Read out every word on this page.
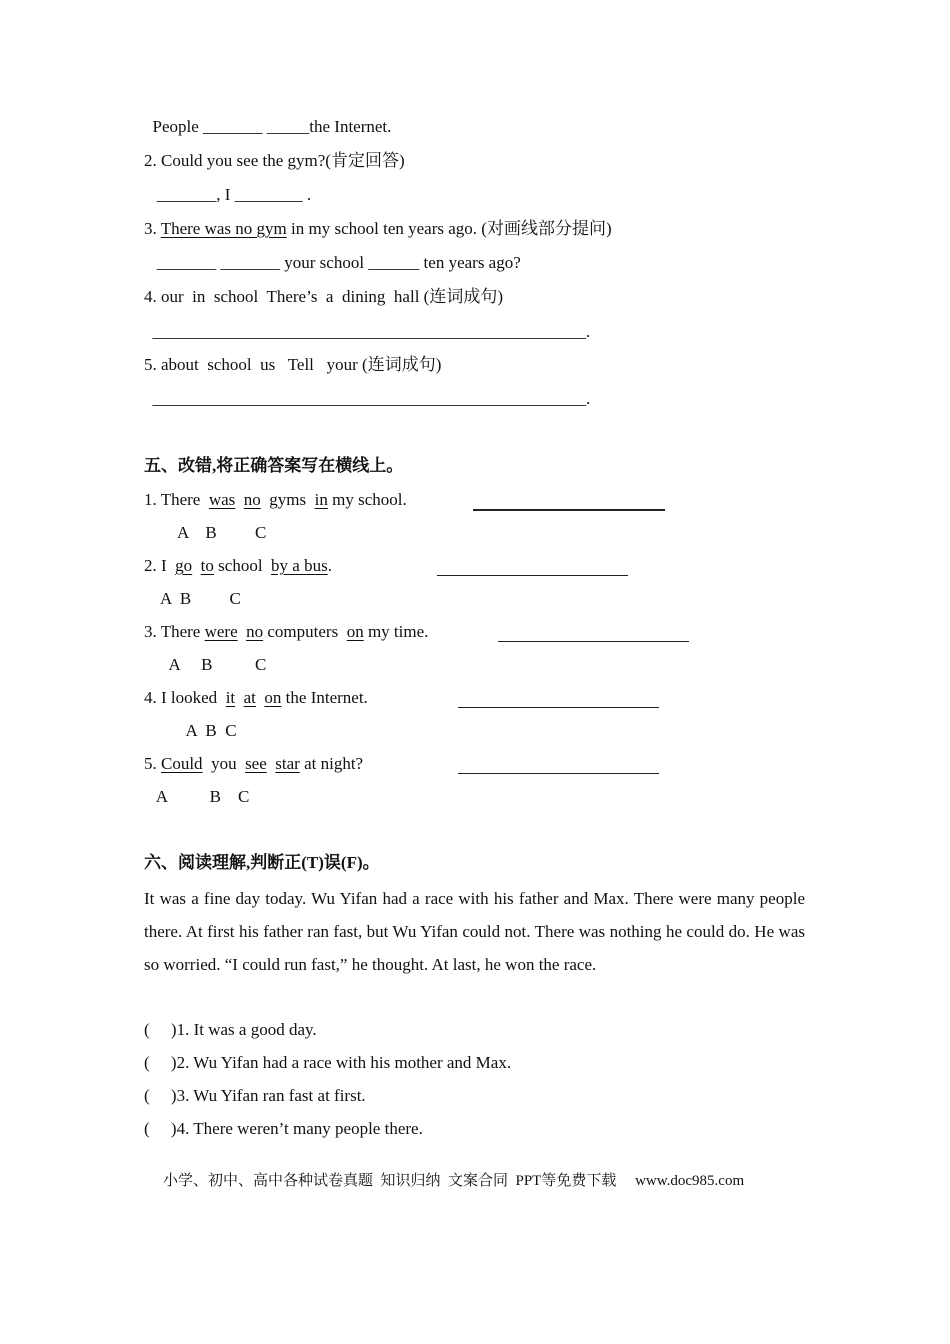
People _______ _____the Internet.
2. Could you see the gym?(肯定回答)
_______, I ________ .
3. There was no gym in my school ten years ago. (对画线部分提问)
_______ _______ your school ______ ten years ago?
4. our  in  school  There’s  a  dining  hall (连词成句)
___________________________________________________.
5. about  school  us   Tell   your (连词成句)
___________________________________________________.
五、改错,将正确答案写在横线上。
1. There  was no  gyms  in my school.
A    B         C
2. I  go to school  by a bus.
A  B         C
3. There were no computers  on my time.
A     B          C
4. I looked  it at on the Internet.
A  B  C
5. Could  you  see star at night?
A          B    C
六、阅读理解,判断正(T)误(F)。
It was a fine day today. Wu Yifan had a race with his father and Max. There were many people there. At first his father ran fast, but Wu Yifan could not. There was nothing he could do. He was so worried. “I could run fast,” he thought. At last, he won the race.
(     )1. It was a good day.
(     )2. Wu Yifan had a race with his mother and Max.
(     )3. Wu Yifan ran fast at first.
(     )4. There weren’t many people there.
小学、初中、高中各种试卷真题  知识归纳  文案合同  PPT等免费下载     www.doc985.com
